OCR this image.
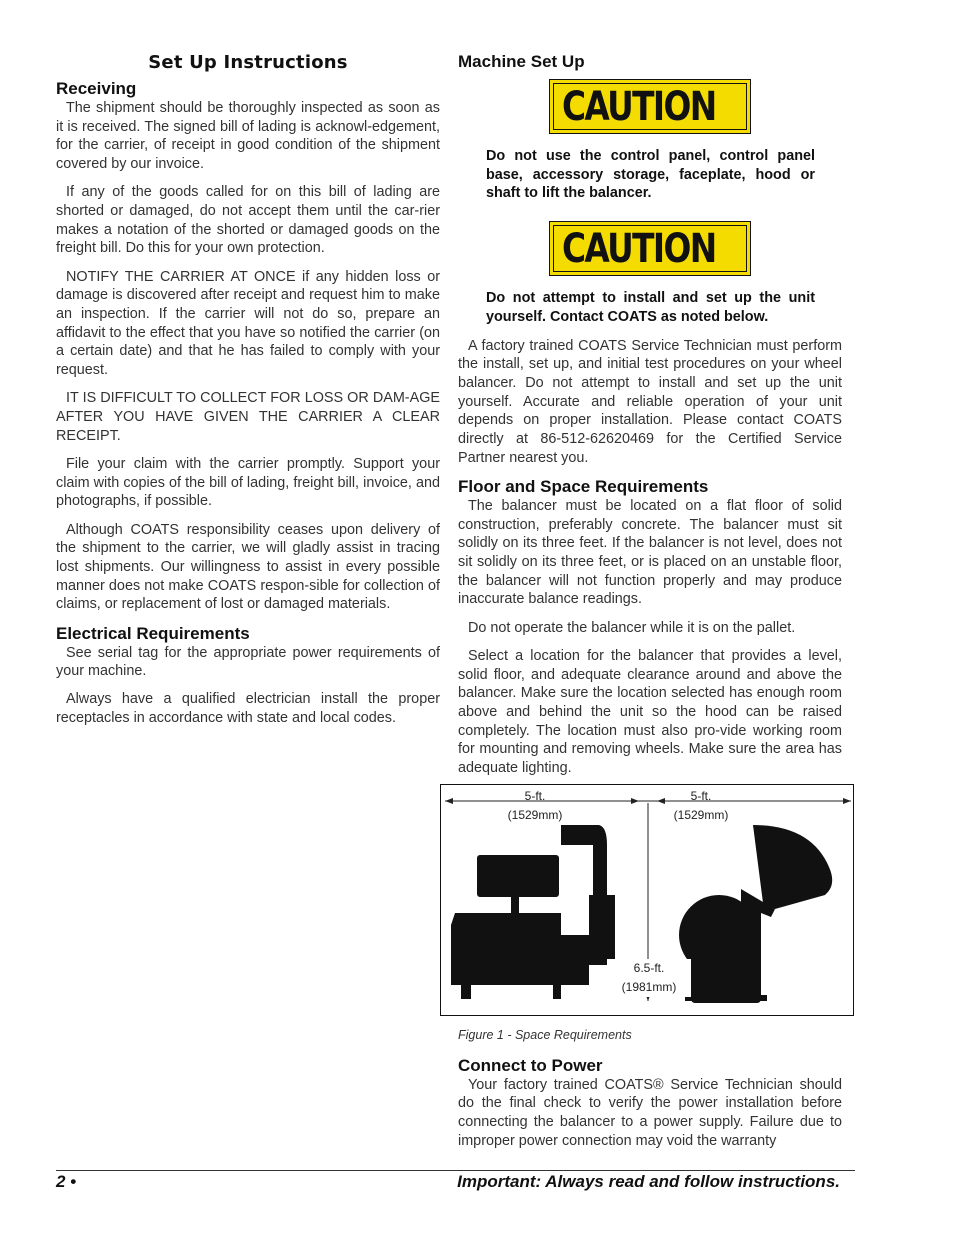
Set Up Instructions
Receiving

The shipment should be thoroughly inspected as soon as it is received. The signed bill of lading is acknowl-edgement, for the carrier, of receipt in good condition of the shipment covered by our invoice.

If any of the goods called for on this bill of lading are shorted or damaged, do not accept them until the car-rier makes a notation of the shorted or damaged goods on the freight bill. Do this for your own protection.

NOTIFY THE CARRIER AT ONCE if any hidden loss or damage is discovered after receipt and request him to make an inspection. If the carrier will not do so, prepare an affidavit to the effect that you have so notified the carrier (on a certain date) and that he has failed to comply with your request.

IT IS DIFFICULT TO COLLECT FOR LOSS OR DAM-AGE AFTER YOU HAVE GIVEN THE CARRIER A CLEAR RECEIPT.

File your claim with the carrier promptly. Support your claim with copies of the bill of lading, freight bill, invoice, and photographs, if possible.

Although COATS responsibility ceases upon delivery of the shipment to the carrier, we will gladly assist in tracing lost shipments. Our willingness to assist in every possible manner does not make COATS respon-sible for collection of claims, or replacement of lost or damaged materials.

Electrical Requirements

See serial tag for the appropriate power requirements of your machine.

Always have a qualified electrician install the proper receptacles in accordance with state and local codes.

Machine Set Up
CAUTION
Do not use the control panel, control panel base, accessory storage, faceplate, hood or shaft to lift the balancer.
CAUTION
Do not attempt to install and set up the unit yourself. Contact COATS as noted below.

A factory trained COATS Service Technician must perform the install, set up, and initial test procedures on your wheel balancer. Do not attempt to install and set up the unit yourself. Accurate and reliable operation of your unit depends on proper installation. Please contact COATS directly at 86-512-62620469 for the Certified Service Partner nearest you.

Floor and Space Requirements

The balancer must be located on a flat floor of solid construction, preferably concrete. The balancer must sit solidly on its three feet. If the balancer is not level, does not sit solidly on its three feet, or is placed on an unstable floor, the balancer will not function properly and may produce inaccurate balance readings.

Do not operate the balancer while it is on the pallet.

Select a location for the balancer that provides a level, solid floor, and adequate clearance around and above the balancer. Make sure the location selected has enough room above and behind the unit so the hood can be raised completely. The location must also pro-vide working room for mounting and removing wheels. Make sure the area has adequate lighting.

5-ft.
(1529mm)
5-ft.
(1529mm)
6.5-ft.
(1981mm)
Figure 1 - Space Requirements
Connect to Power

Your factory trained COATS® Service Technician should do the final check to verify the power installation before connecting the balancer to a power supply. Failure due to improper power connection may void the warranty

2 •	Important: Always read and follow instructions.
